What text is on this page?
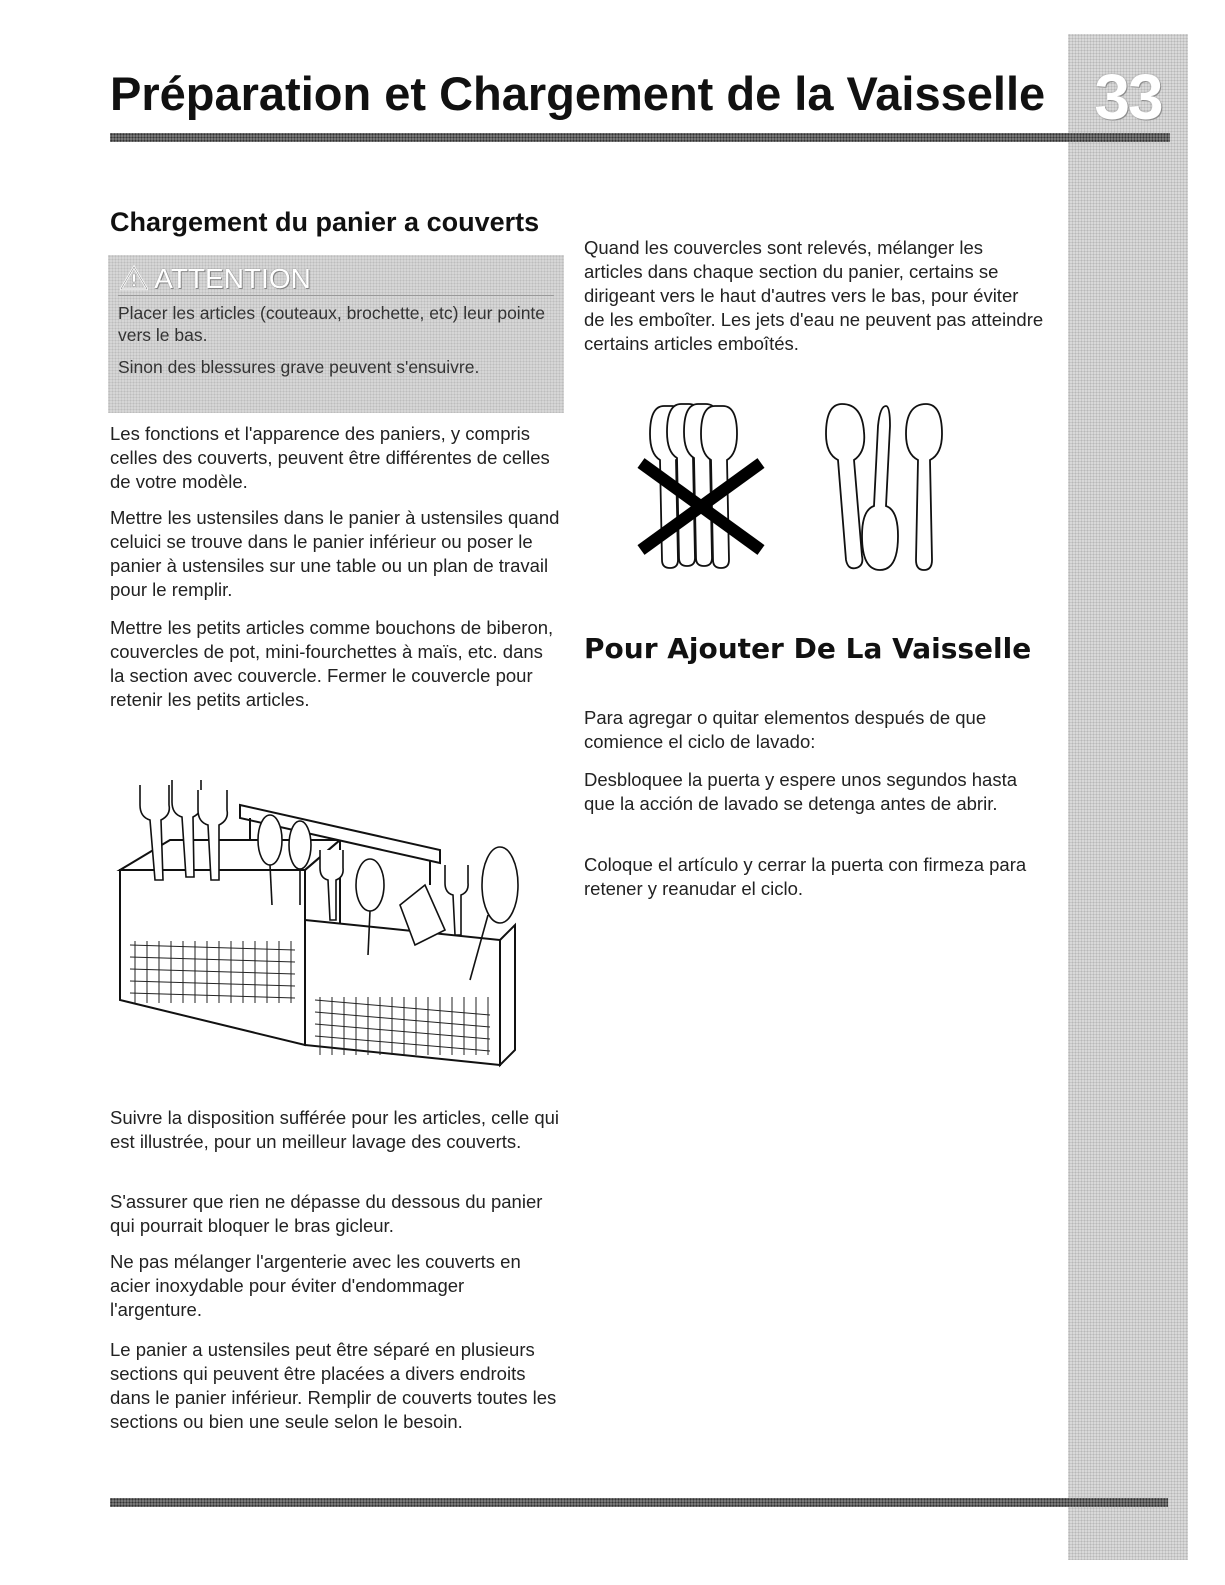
33
Préparation et Chargement de la Vaisselle
Chargement du panier a couverts
ATTENTION
Placer les articles (couteaux, brochette, etc) leur pointe vers le bas.
Sinon des blessures grave peuvent s'ensuivre.

Les fonctions et l'apparence des paniers, y compris celles des couverts, peuvent être différentes de celles de votre modèle.

Mettre les ustensiles dans le panier à ustensiles quand celuici se trouve dans le panier inférieur ou poser le panier à ustensiles sur une table ou un plan de travail pour le remplir.

Mettre les petits articles comme bouchons de biberon, couvercles de pot, mini-fourchettes à maïs, etc. dans la section avec couvercle. Fermer le couvercle pour retenir les petits articles.

Suivre la disposition sufférée pour les articles, celle qui est illustrée, pour un meilleur lavage des couverts.

S'assurer que rien ne dépasse du dessous du panier qui pourrait bloquer le bras gicleur.

Ne pas mélanger l'argenterie avec les couverts en acier inoxydable pour éviter d'endommager l'argenture.

Le panier a ustensiles peut être séparé en plusieurs sections qui peuvent être placées a divers endroits dans le panier inférieur. Remplir de couverts toutes les sections ou bien une seule selon le besoin.

Quand les couvercles sont relevés, mélanger les articles dans chaque section du panier, certains se dirigeant vers le haut d'autres vers le bas, pour éviter de les emboîter. Les jets d'eau ne peuvent pas atteindre certains articles emboîtés.

Pour Ajouter De La Vaisselle

Para agregar o quitar elementos después de que comience el ciclo de lavado:

Desbloquee la puerta y espere unos segundos hasta que la acción de lavado se detenga antes de abrir.

Coloque el artículo y cerrar la puerta con firmeza para retener y reanudar el ciclo.
